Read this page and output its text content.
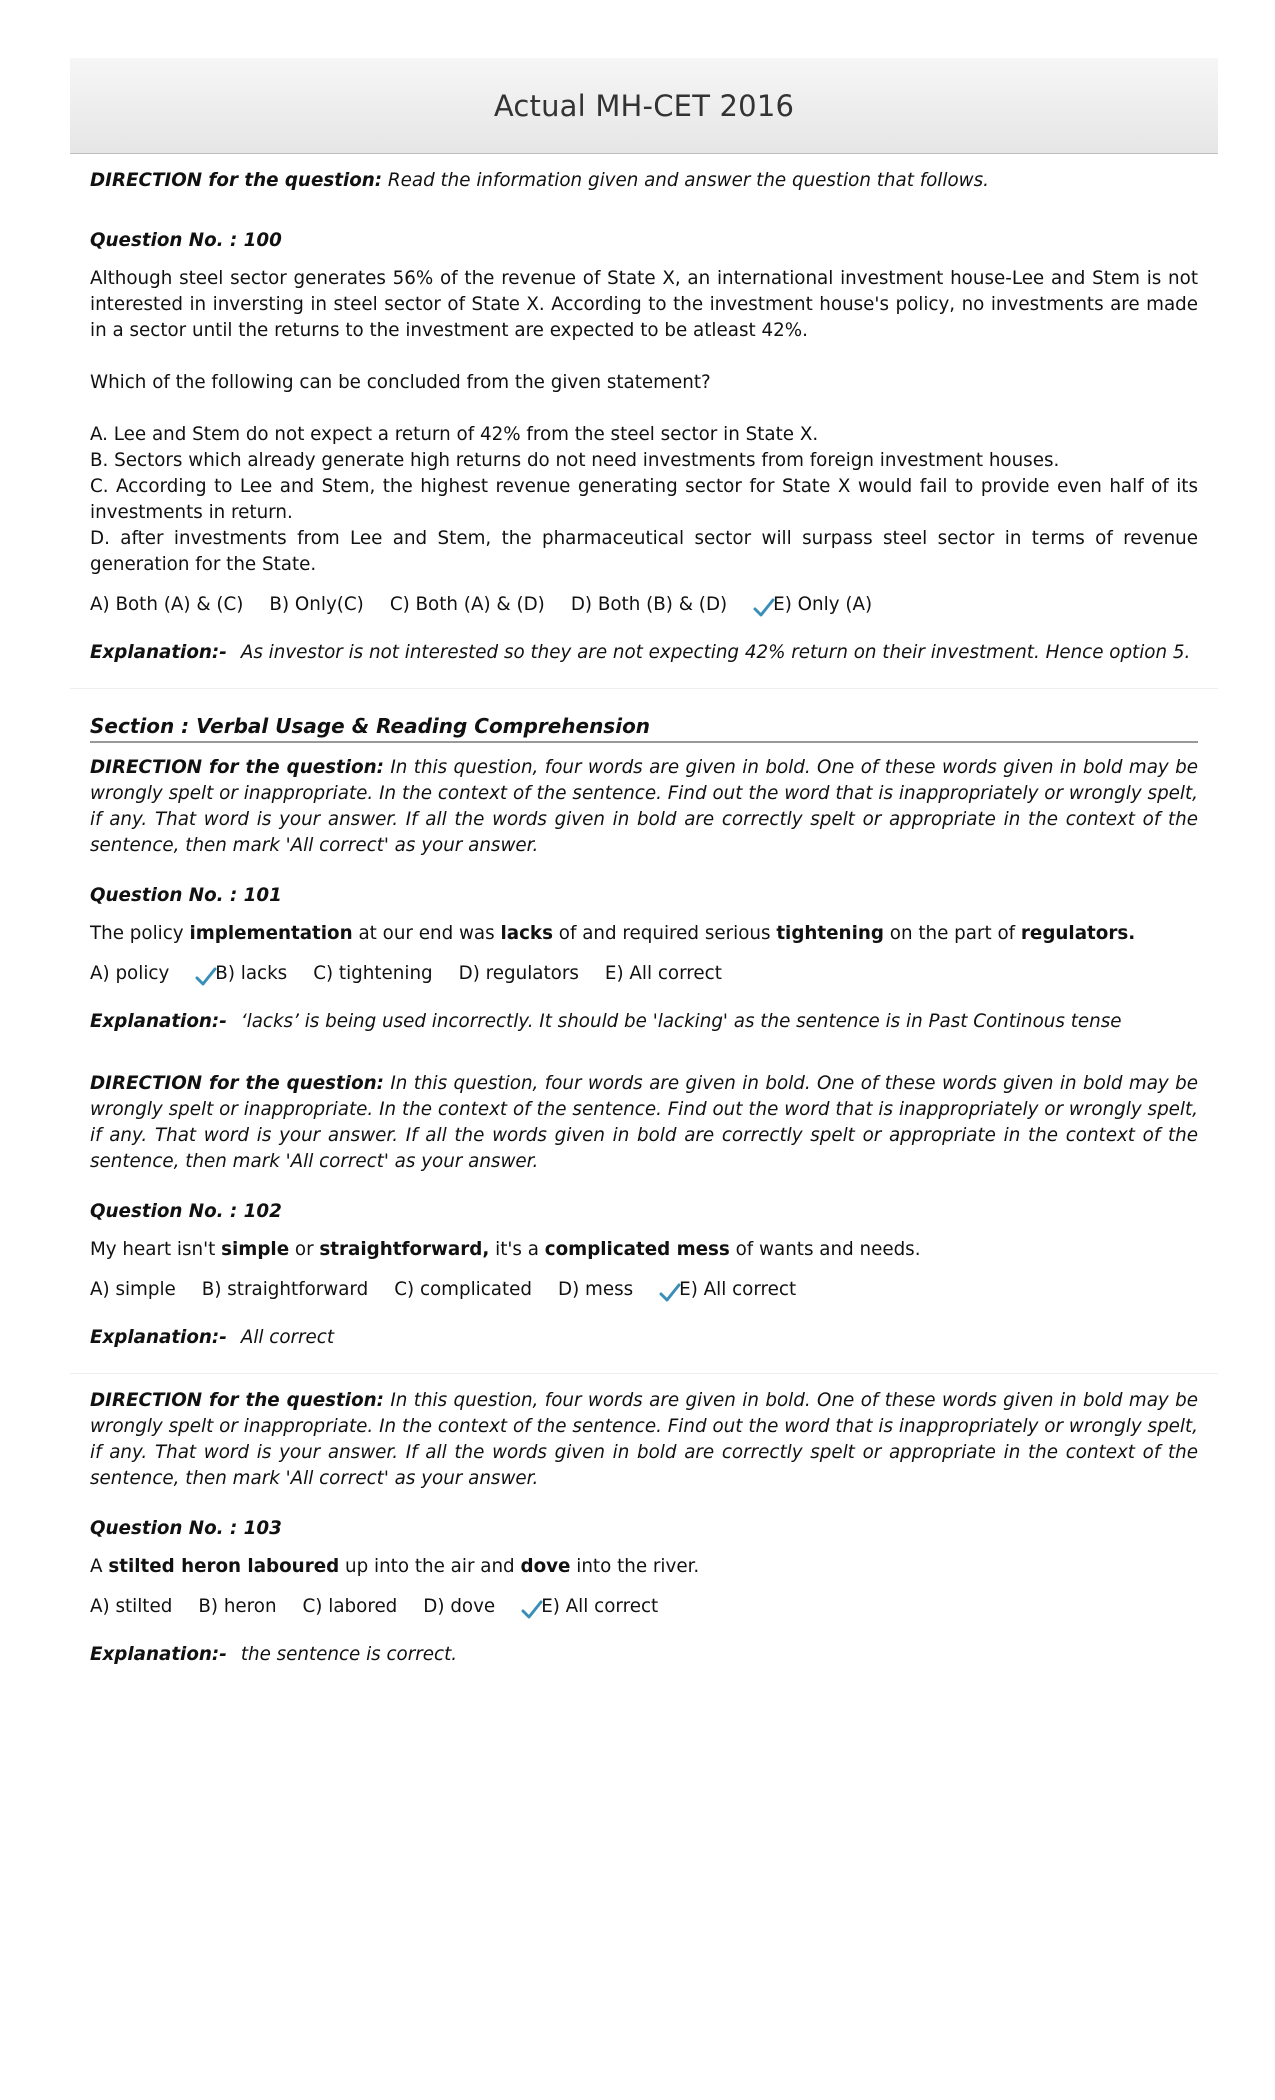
Actual MH-CET 2016

DIRECTION for the question: Read the information given and answer the question that follows.

Question No. : 100

Although steel sector generates 56% of the revenue of State X, an international investment house-Lee and Stem is not interested in inversting in steel sector of State X. According to the investment house's policy, no investments are made in a sector until the returns to the investment are expected to be atleast 42%.

Which of the following can be concluded from the given statement?

A. Lee and Stem do not expect a return of 42% from the steel sector in State X.

B. Sectors which already generate high returns do not need investments from foreign investment houses.

C. According to Lee and Stem, the highest revenue generating sector for State X would fail to provide even half of its investments in return.

D. after investments from Lee and Stem, the pharmaceutical sector will surpass steel sector in terms of revenue generation for the State.

A) Both (A) & (C) B) Only(C) C) Both (A) & (D) D) Both (B) & (D)	E) Only (A)

Explanation:- As investor is not interested so they are not expecting 42% return on their investment. Hence option 5.

Section : Verbal Usage & Reading Comprehension

DIRECTION for the question: In this question, four words are given in bold. One of these words given in bold may be wrongly spelt or inappropriate. In the context of the sentence. Find out the word that is inappropriately or wrongly spelt, if any. That word is your answer. If all the words given in bold are correctly spelt or appropriate in the context of the sentence, then mark 'All correct' as your answer.

Question No. : 101

The policy implementation at our end was lacks of and required serious tightening on the part of regulators.

A) policy	B) lacks C) tightening D) regulators E) All correct

Explanation:- ‘lacks’ is being used incorrectly. It should be 'lacking' as the sentence is in Past Continous tense

DIRECTION for the question: In this question, four words are given in bold. One of these words given in bold may be wrongly spelt or inappropriate. In the context of the sentence. Find out the word that is inappropriately or wrongly spelt, if any. That word is your answer. If all the words given in bold are correctly spelt or appropriate in the context of the sentence, then mark 'All correct' as your answer.

Question No. : 102

My heart isn't simple or straightforward, it's a complicated mess of wants and needs.

A) simple B) straightforward C) complicated D) mess	E) All correct

Explanation:- All correct

DIRECTION for the question: In this question, four words are given in bold. One of these words given in bold may be wrongly spelt or inappropriate. In the context of the sentence. Find out the word that is inappropriately or wrongly spelt, if any. That word is your answer. If all the words given in bold are correctly spelt or appropriate in the context of the sentence, then mark 'All correct' as your answer.

Question No. : 103

A stilted heron laboured up into the air and dove into the river.

A) stilted B) heron C) labored D) dove	E) All correct

Explanation:- the sentence is correct.
